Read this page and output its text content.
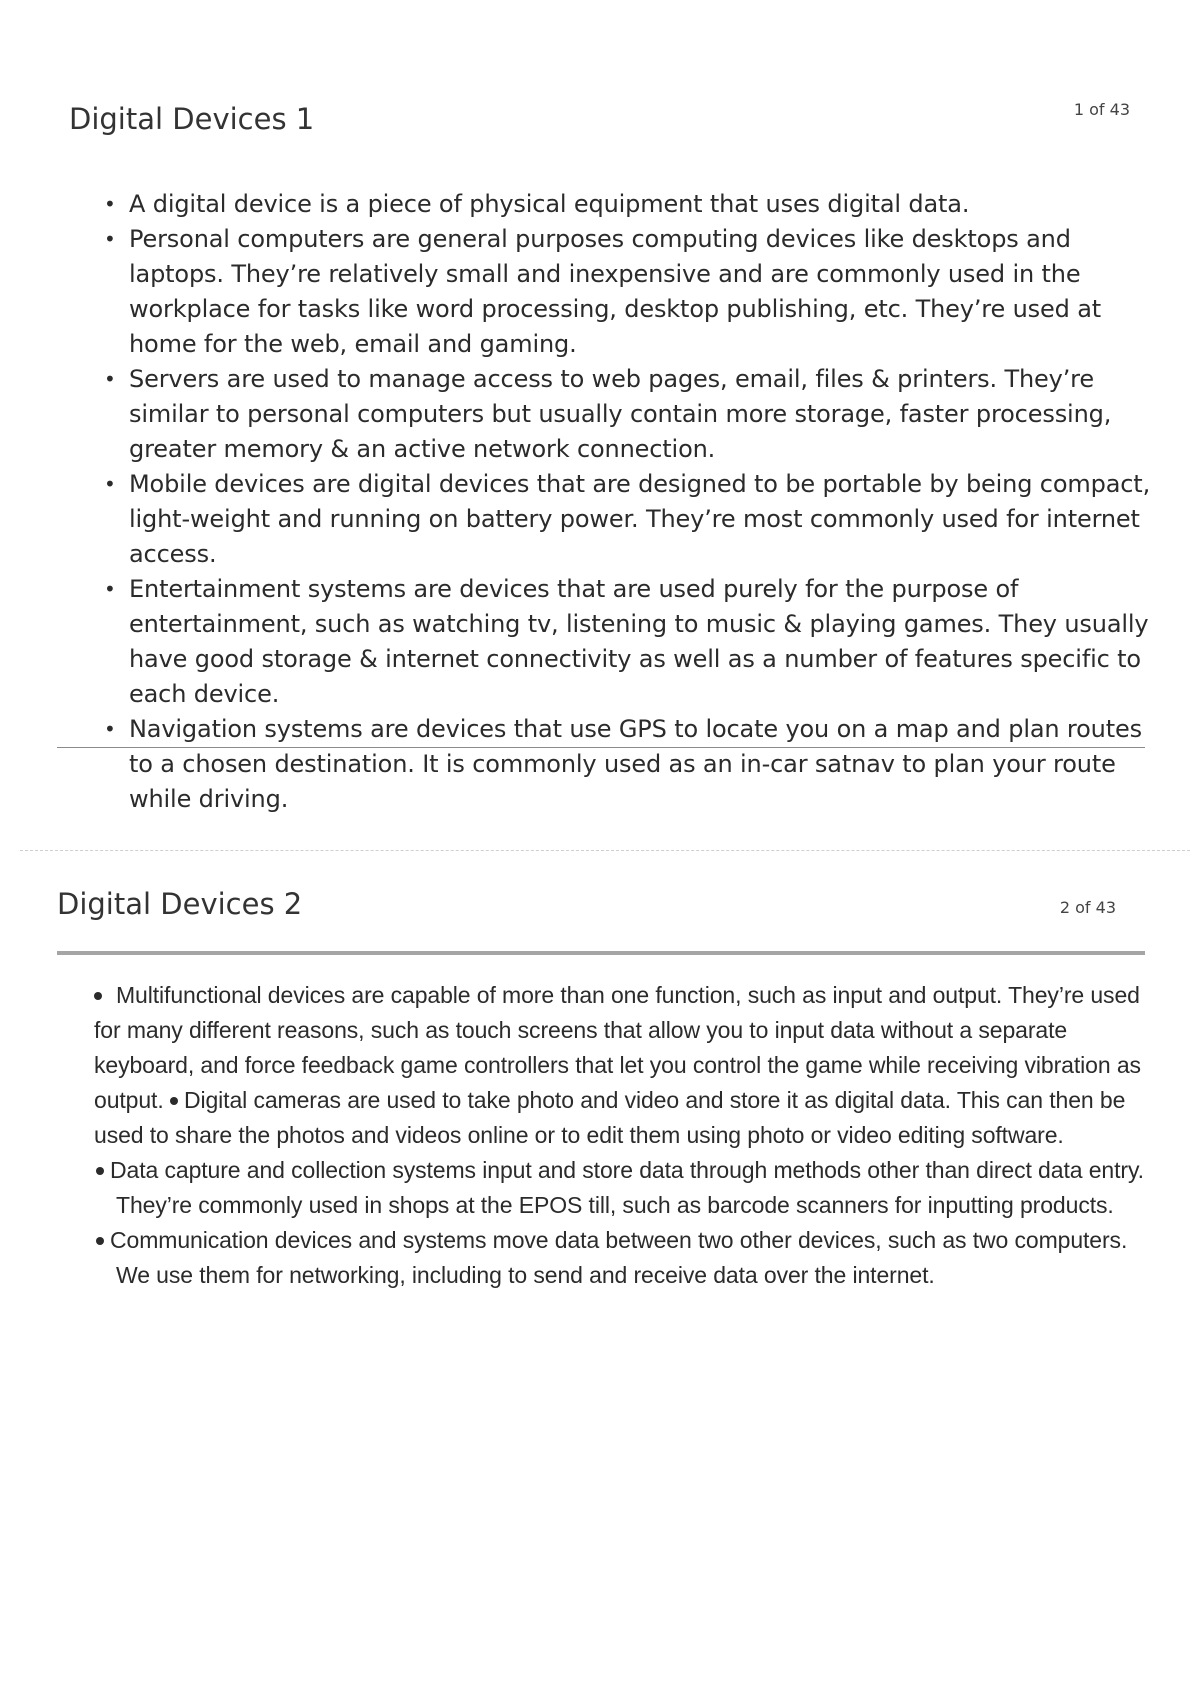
Digital Devices 1	1 of 43
• A digital device is a piece of physical equipment that uses digital data.
• Personal computers are general purposes computing devices like desktops and laptops. They’re relatively small and inexpensive and are commonly used in the workplace for tasks like word processing, desktop publishing, etc. They’re used at home for the web, email and gaming.
• Servers are used to manage access to web pages, email, files & printers. They’re similar to personal computers but usually contain more storage, faster processing, greater memory & an active network connection.
• Mobile devices are digital devices that are designed to be portable by being compact, light-weight and running on battery power. They’re most commonly used for internet access.
• Entertainment systems are devices that are used purely for the purpose of entertainment, such as watching tv, listening to music & playing games. They usually have good storage & internet connectivity as well as a number of features specific to each device.
• Navigation systems are devices that use GPS to locate you on a map and plan routes to a chosen destination. It is commonly used as an in-car satnav to plan your route while driving.
Digital Devices 2	2 of 43

Multifunctional devices are capable of more than one function, such as input and output. They’re used for many different reasons, such as touch screens that allow you to input data without a separate keyboard, and force feedback game controllers that let you control the game while receiving vibration as output. Digital cameras are used to take photo and video and store it as digital data. This can then be used to share the photos and videos online or to edit them using photo or video editing software.

Data capture and collection systems input and store data through methods other than direct data entry. They’re commonly used in shops at the EPOS till, such as barcode scanners for inputting products.

Communication devices and systems move data between two other devices, such as two computers. We use them for networking, including to send and receive data over the internet.
